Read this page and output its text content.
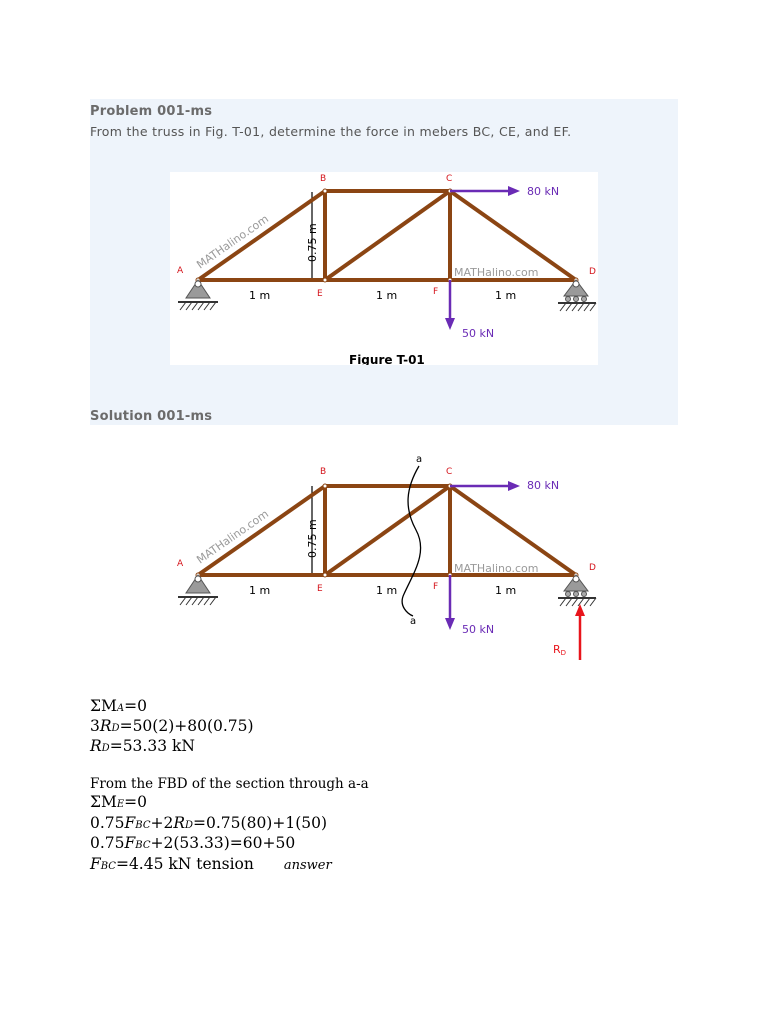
Problem 001-ms
From the truss in Fig. T-01, determine the force in mebers BC, CE, and EF.
A
B	C
D
E	F
80 kN
50 kN
1 m	1 m	1 m
0.75 m
MATHalino.com
MATHalino.com
Figure T-01
Solution 001-ms
A
B	C
D
E	F
a
a
80 kN
50 kN
RD
1 m	1 m	1 m
0.75 m
MATHalino.com
MATHalino.com
ΣMA=0
3RD=50(2)+80(0.75)
RD=53.33 kN
From the FBD of the section through a-a
ΣME=0
0.75FBC+2RD=0.75(80)+1(50)
0.75FBC+2(53.33)=60+50
FBC=4.45 kN tension answer
